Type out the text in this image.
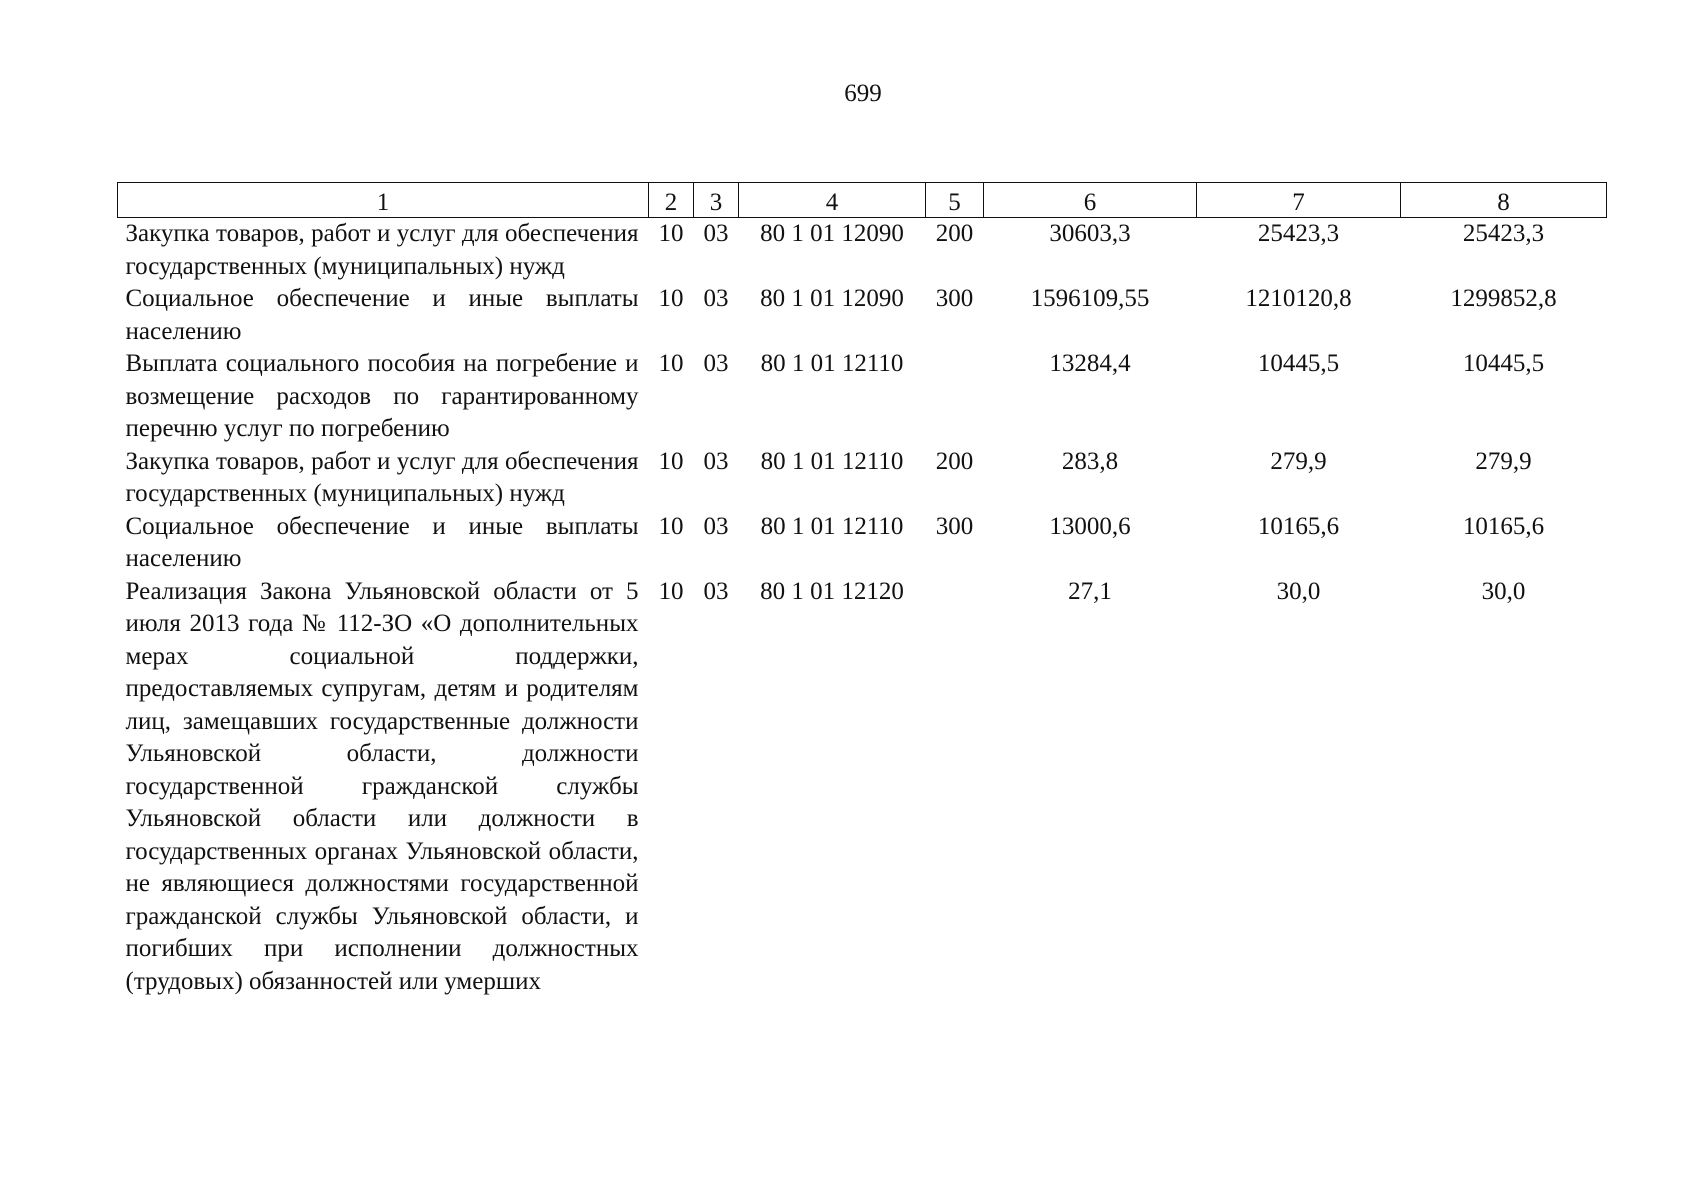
699
1	2	3	4	5	6	7	8
Закупка товаров, работ и услуг для обеспечения государственных (муниципальных) нужд	10	03	80 1 01 12090	200	30603,3	25423,3	25423,3
Социальное обеспечение и иные выплаты населению	10	03	80 1 01 12090	300	1596109,55	1210120,8	1299852,8
Выплата социального пособия на погребение и возмещение расходов по гарантированному перечню услуг по погребению	10	03	80 1 01 12110		13284,4	10445,5	10445,5
Закупка товаров, работ и услуг для обеспечения государственных (муниципальных) нужд	10	03	80 1 01 12110	200	283,8	279,9	279,9
Социальное обеспечение и иные выплаты населению	10	03	80 1 01 12110	300	13000,6	10165,6	10165,6
Реализация Закона Ульяновской области от 5 июля 2013 года № 112-ЗО «О дополнительных мерах социальной поддержки, предоставляемых супругам, детям и родителям лиц, замещавших государственные должности Ульяновской области, должности государственной гражданской службы Ульяновской области или должности в государственных органах Ульяновской области, не являющиеся должностями государственной гражданской службы Ульяновской области, и погибших при исполнении должностных (трудовых) обязанностей или умерших	10	03	80 1 01 12120		27,1	30,0	30,0
